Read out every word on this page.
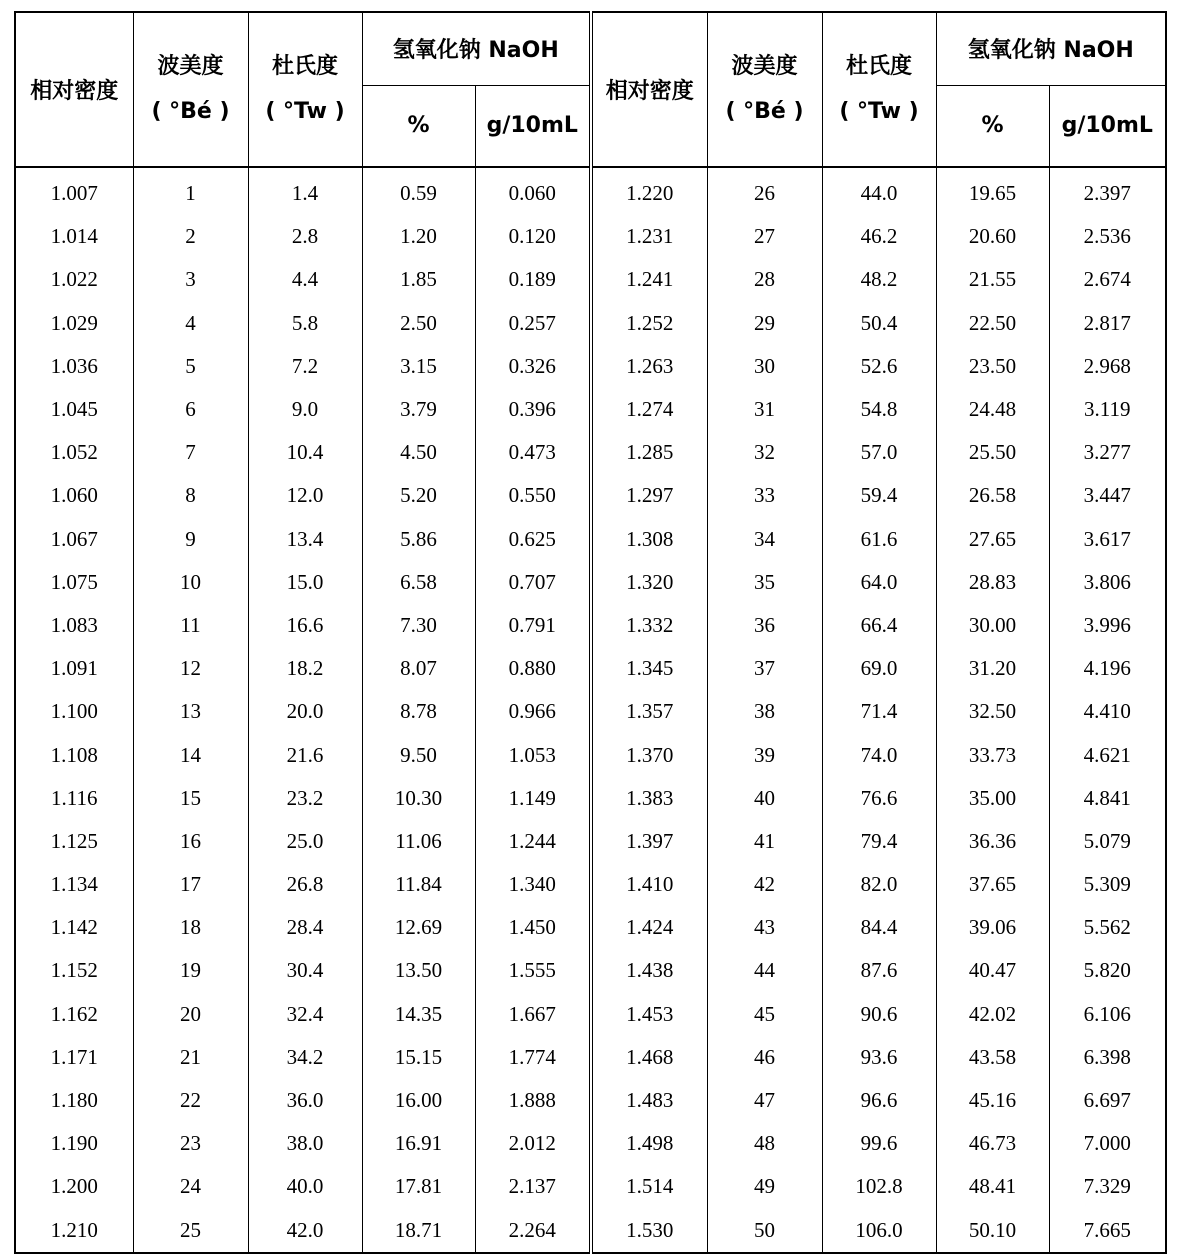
相对密度	波美度	杜氏度	氢氧化钠 NaOH		相对密度	波美度	杜氏度	氢氧化钠 NaOH	
	( °Bé )	( °Tw )	%	g/10mL		( °Bé )	( °Tw )	%	g/10mL
1.007	1	1.4	0.59	0.060	1.220	26	44.0	19.65	2.397
1.014	2	2.8	1.20	0.120	1.231	27	46.2	20.60	2.536
1.022	3	4.4	1.85	0.189	1.241	28	48.2	21.55	2.674
1.029	4	5.8	2.50	0.257	1.252	29	50.4	22.50	2.817
1.036	5	7.2	3.15	0.326	1.263	30	52.6	23.50	2.968
1.045	6	9.0	3.79	0.396	1.274	31	54.8	24.48	3.119
1.052	7	10.4	4.50	0.473	1.285	32	57.0	25.50	3.277
1.060	8	12.0	5.20	0.550	1.297	33	59.4	26.58	3.447
1.067	9	13.4	5.86	0.625	1.308	34	61.6	27.65	3.617
1.075	10	15.0	6.58	0.707	1.320	35	64.0	28.83	3.806
1.083	11	16.6	7.30	0.791	1.332	36	66.4	30.00	3.996
1.091	12	18.2	8.07	0.880	1.345	37	69.0	31.20	4.196
1.100	13	20.0	8.78	0.966	1.357	38	71.4	32.50	4.410
1.108	14	21.6	9.50	1.053	1.370	39	74.0	33.73	4.621
1.116	15	23.2	10.30	1.149	1.383	40	76.6	35.00	4.841
1.125	16	25.0	11.06	1.244	1.397	41	79.4	36.36	5.079
1.134	17	26.8	11.84	1.340	1.410	42	82.0	37.65	5.309
1.142	18	28.4	12.69	1.450	1.424	43	84.4	39.06	5.562
1.152	19	30.4	13.50	1.555	1.438	44	87.6	40.47	5.820
1.162	20	32.4	14.35	1.667	1.453	45	90.6	42.02	6.106
1.171	21	34.2	15.15	1.774	1.468	46	93.6	43.58	6.398
1.180	22	36.0	16.00	1.888	1.483	47	96.6	45.16	6.697
1.190	23	38.0	16.91	2.012	1.498	48	99.6	46.73	7.000
1.200	24	40.0	17.81	2.137	1.514	49	102.8	48.41	7.329
1.210	25	42.0	18.71	2.264	1.530	50	106.0	50.10	7.665
